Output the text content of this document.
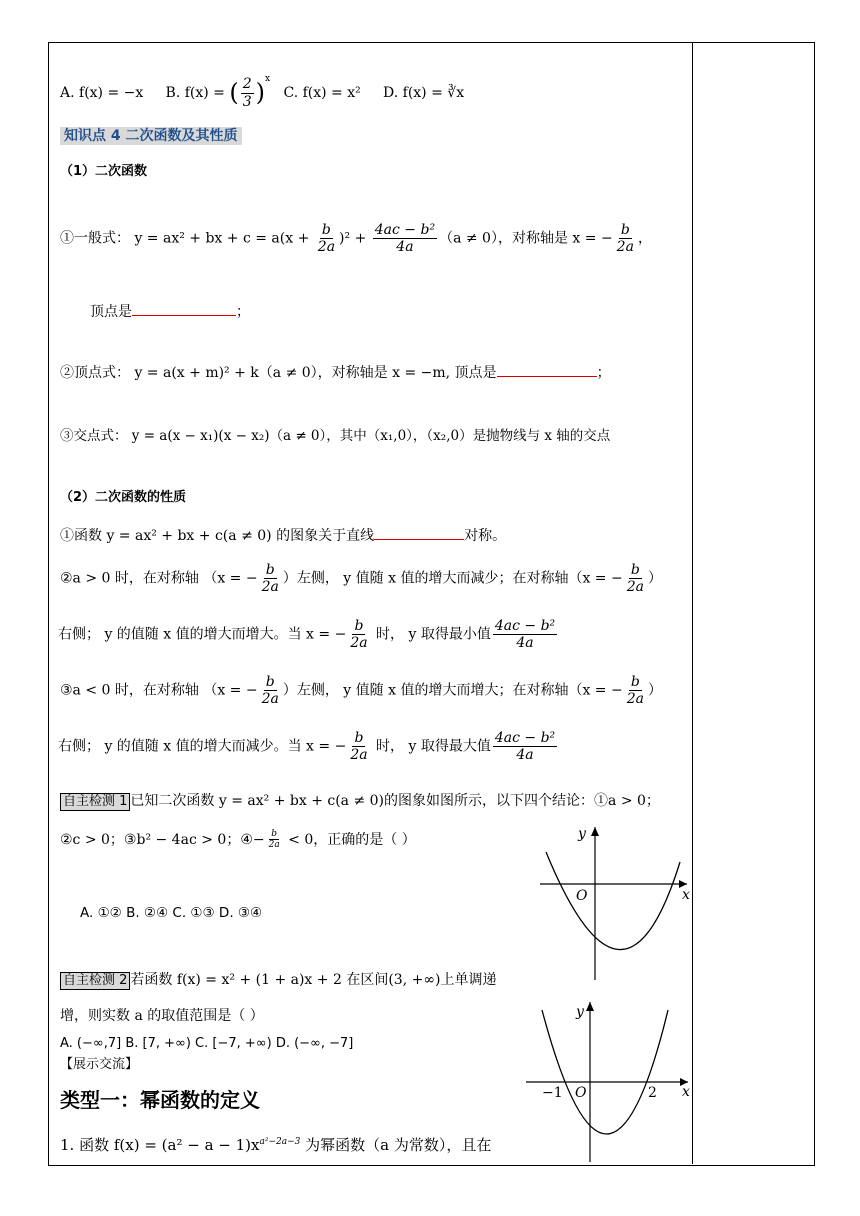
A. f(x) = −x B. f(x) = ( $\frac{2}{3} )^x$   C. f(x) = x² D. f(x) = ∛x
知识点 4 二次函数及其性质
（1）二次函数
①一般式： y = ax² + bx + $c = a(x + \frac{b}{2a} )^2 + \frac{\text{4ac − b²}}{4a} (a \ne 0)$，对称轴是 x = − $\frac{b}{2a}$ ，
顶点是	；
②顶点式： y = a(x + m)² + k（a ≠ 0），对称轴是 x = −m, 顶点是	；
③交点式： y = a(x − x₁)(x − x₂)（a ≠ 0），其中（x₁,0），（x₂,0）是抛物线与 x 轴的交点
（2）二次函数的性质
①函数 y = ax² + bx + c(a ≠ 0) 的图象关于直线	对称。
②a > 0 时，在对称轴 （x = − $\frac{b}{2a}$ ）左侧， y 值随 x 值的增大而减少；在对称轴（x = − $\frac{b}{2a}$ ）
右侧； y 的值随 x 值的增大而增大。当 x = − $\frac{b}{2a}$ 时， y 取得最小值 $\frac{\text{4ac − b²}}{4a}$
③a < 0 时，在对称轴 （x = − $\frac{b}{2a}$ ）左侧， y 值随 x 值的增大而增大；在对称轴（x = − $\frac{b}{2a}$ ）
右侧； y 的值随 x 值的增大而减少。当 x = − $\frac{b}{2a}$ 时， y 取得最大值 $\frac{\text{4ac − b²}}{4a}$
自主检测 1 已知二次函数 y = ax² + bx + c(a ≠ 0)的图象如图所示，以下四个结论：①a > 0；
②c > 0；③b² − 4ac > 0；④− $\frac{b}{2a} < 0$，正确的是（ ）
A. ①② B. ②④ C. ①③ D. ③④
自主检测 2 若函数 f(x) = x² + (1 + a)x + 2 在区间(3, +∞)上单调递
增，则实数 a 的取值范围是（ ）
A. (−∞,7] B. [7, +∞) C. [−7, +∞) D. (−∞, −7]
【展示交流】
类型一：幂函数的定义
1. 函数 $f(x) = (a^2 - a - 1)x^{a^2-2a-3}$ 为幂函数（a 为常数），且在
x
y
O
x
y
O
−1	2
